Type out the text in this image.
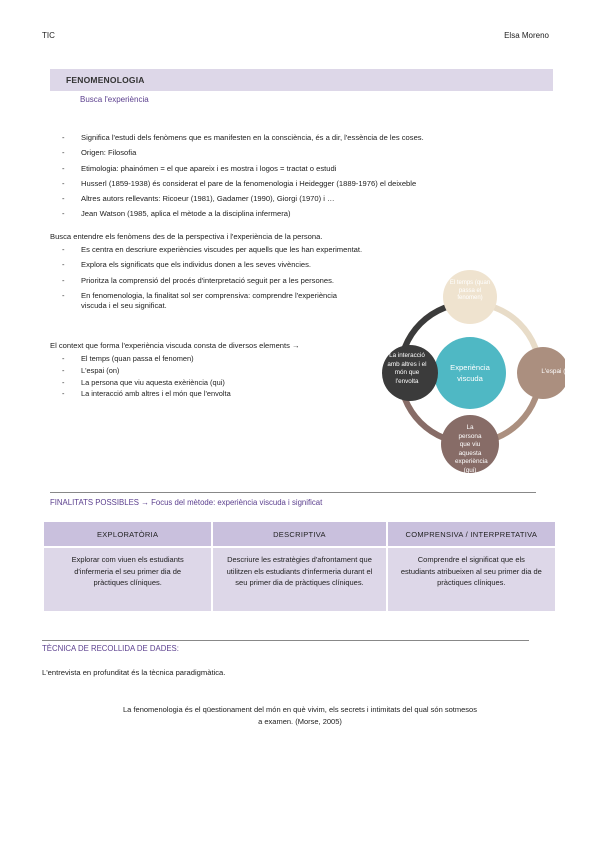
TIC	Elsa Moreno
FENOMENOLOGIA
Busca l'experiència
- Significa l'estudi dels fenòmens que es manifesten en la consciència, és a dir, l'essència de les coses.
- Origen: Filosofia
- Etimologia: phainómen = el que apareix i es mostra i logos = tractat o estudi
- Husserl (1859-1938) és considerat el pare de la fenomenologia i Heidegger (1889-1976) el deixeble
- Altres autors rellevants: Ricoeur (1981), Gadamer (1990), Giorgi (1970) i …
- Jean Watson (1985, aplica el mètode a la disciplina infermera)
Busca entendre els fenòmens des de la perspectiva i l'experiència de la persona.
- Es centra en descriure experiències viscudes per aquells que les han experimentat.
- Explora els significats que els individus donen a les seves vivències.
- Prioritza la comprensió del procés d'interpretació seguit per a les persones.
- En fenomenologia, la finalitat sol ser comprensiva: comprendre l'experiència viscuda i el seu significat.
El context que forma l'experiència viscuda consta de diversos elements →
- El temps (quan passa el fenomen)
- L'espai (on)
- La persona que viu aquesta exèriència (qui)
- La interacció amb altres i el món que l'envolta
El temps (quan passa el fenomen)
L'espai (on)
La persona que viu aquesta experiència (qui)
La interacció amb altres i el món que l'envolta
Experiència viscuda
FINALITATS POSSIBLES → Focus del mètode: experiència viscuda i significat
EXPLORATÒRIA	DESCRIPTIVA	COMPRENSIVA / INTERPRETATIVA
Explorar com viuen els estudiants d'infermeria el seu primer dia de pràctiques clíniques.	Descriure les estratègies d'afrontament que utilitzen els estudiants d'infermeria durant el seu primer dia de pràctiques clíniques.	Comprendre el significat que els estudiants atribueixen al seu primer dia de pràctiques clíniques.
TÈCNICA DE RECOLLIDA DE DADES:
L'entrevista en profunditat és la tècnica paradigmàtica.
La fenomenologia és el qüestionament del món en què vivim, els secrets i intimitats del qual són sotmesos a examen. (Morse, 2005)
